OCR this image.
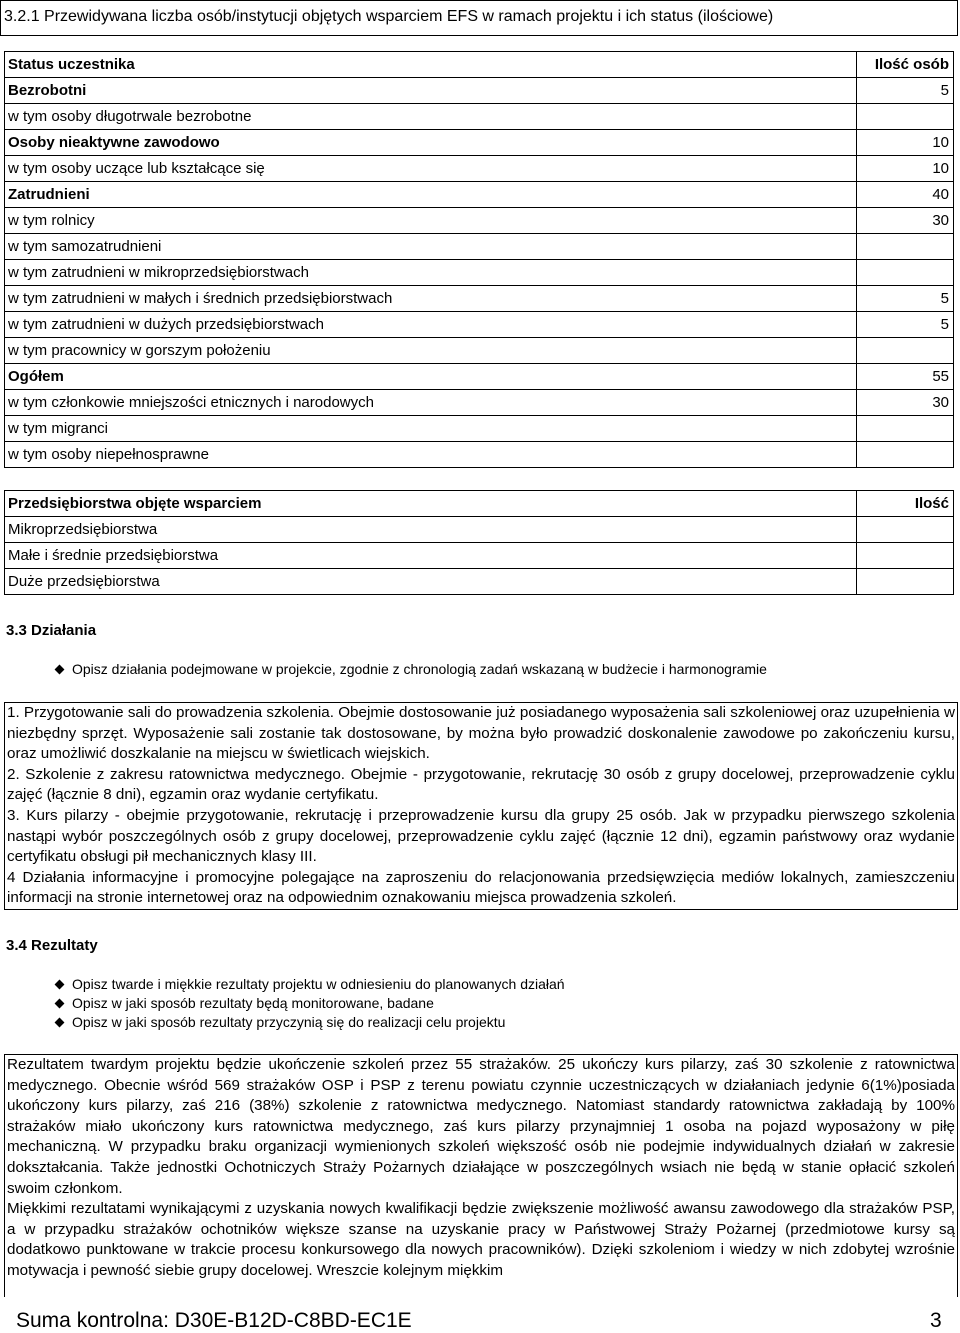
3.2.1 Przewidywana liczba osób/instytucji objętych wsparciem EFS w ramach projektu i ich status (ilościowe)
Status uczestnika	Ilość osób
Bezrobotni	5
w tym osoby długotrwale bezrobotne	
Osoby nieaktywne zawodowo	10
w tym osoby uczące lub kształcące się	10
Zatrudnieni	40
w tym rolnicy	30
w tym samozatrudnieni	
w tym zatrudnieni w mikroprzedsiębiorstwach	
w tym zatrudnieni w małych i średnich przedsiębiorstwach	5
w tym zatrudnieni w dużych przedsiębiorstwach	5
w tym pracownicy w gorszym położeniu	
Ogółem	55
w tym członkowie mniejszości etnicznych i narodowych	30
w tym migranci	
w tym osoby niepełnosprawne	
Przedsiębiorstwa objęte wsparciem	Ilość
Mikroprzedsiębiorstwa	
Małe i średnie przedsiębiorstwa	
Duże przedsiębiorstwa	
3.3 Działania
Opisz działania podejmowane w projekcie, zgodnie z chronologią zadań wskazaną w budżecie i harmonogramie

1. Przygotowanie sali do prowadzenia szkolenia. Obejmie dostosowanie już posiadanego wyposażenia sali szkoleniowej oraz uzupełnienia w niezbędny sprzęt. Wyposażenie sali zostanie tak dostosowane, by można było prowadzić doskonalenie zawodowe po zakończeniu kursu, oraz umożliwić doszkalanie na miejscu w świetlicach wiejskich.

2. Szkolenie z zakresu ratownictwa medycznego. Obejmie - przygotowanie, rekrutację 30 osób z grupy docelowej, przeprowadzenie cyklu zajęć (łącznie 8 dni), egzamin oraz wydanie certyfikatu.

3. Kurs pilarzy - obejmie przygotowanie, rekrutację i przeprowadzenie kursu dla grupy 25 osób. Jak w przypadku pierwszego szkolenia nastąpi wybór poszczególnych osób z grupy docelowej, przeprowadzenie cyklu zajęć (łącznie 12 dni), egzamin państwowy oraz wydanie certyfikatu obsługi pił mechanicznych klasy III.

4 Działania informacyjne i promocyjne polegające na zaproszeniu do relacjonowania przedsięwzięcia mediów lokalnych, zamieszczeniu informacji na stronie internetowej oraz na odpowiednim oznakowaniu miejsca prowadzenia szkoleń.

3.4 Rezultaty
Opisz twarde i miękkie rezultaty projektu w odniesieniu do planowanych działań
Opisz w jaki sposób rezultaty będą monitorowane, badane
Opisz w jaki sposób rezultaty przyczynią się do realizacji celu projektu

Rezultatem twardym projektu będzie ukończenie szkoleń przez 55 strażaków. 25 ukończy kurs pilarzy, zaś 30 szkolenie z ratownictwa medycznego. Obecnie wśród 569 strażaków OSP i PSP z terenu powiatu czynnie uczestniczących w działaniach jedynie 6(1%)posiada ukończony kurs pilarzy, zaś 216 (38%) szkolenie z ratownictwa medycznego. Natomiast standardy ratownictwa zakładają by 100% strażaków miało ukończony kurs ratownictwa medycznego, zaś kurs pilarzy przynajmniej 1 osoba na pojazd wyposażony w piłę mechaniczną. W przypadku braku organizacji wymienionych szkoleń większość osób nie podejmie indywidualnych działań w zakresie dokształcania. Także jednostki Ochotniczych Straży Pożarnych działające w poszczególnych wsiach nie będą w stanie opłacić szkoleń swoim członkom.

Miękkimi rezultatami wynikającymi z uzyskania nowych kwalifikacji będzie zwiększenie możliwość awansu zawodowego dla strażaków PSP, a w przypadku strażaków ochotników większe szanse na uzyskanie pracy w Państwowej Straży Pożarnej (przedmiotowe kursy są dodatkowo punktowane w trakcie procesu konkursowego dla nowych pracowników). Dzięki szkoleniom i wiedzy w nich zdobytej wzrośnie motywacja i pewność siebie grupy docelowej. Wreszcie kolejnym miękkim

Suma kontrolna: D30E-B12D-C8BD-EC1E	3
